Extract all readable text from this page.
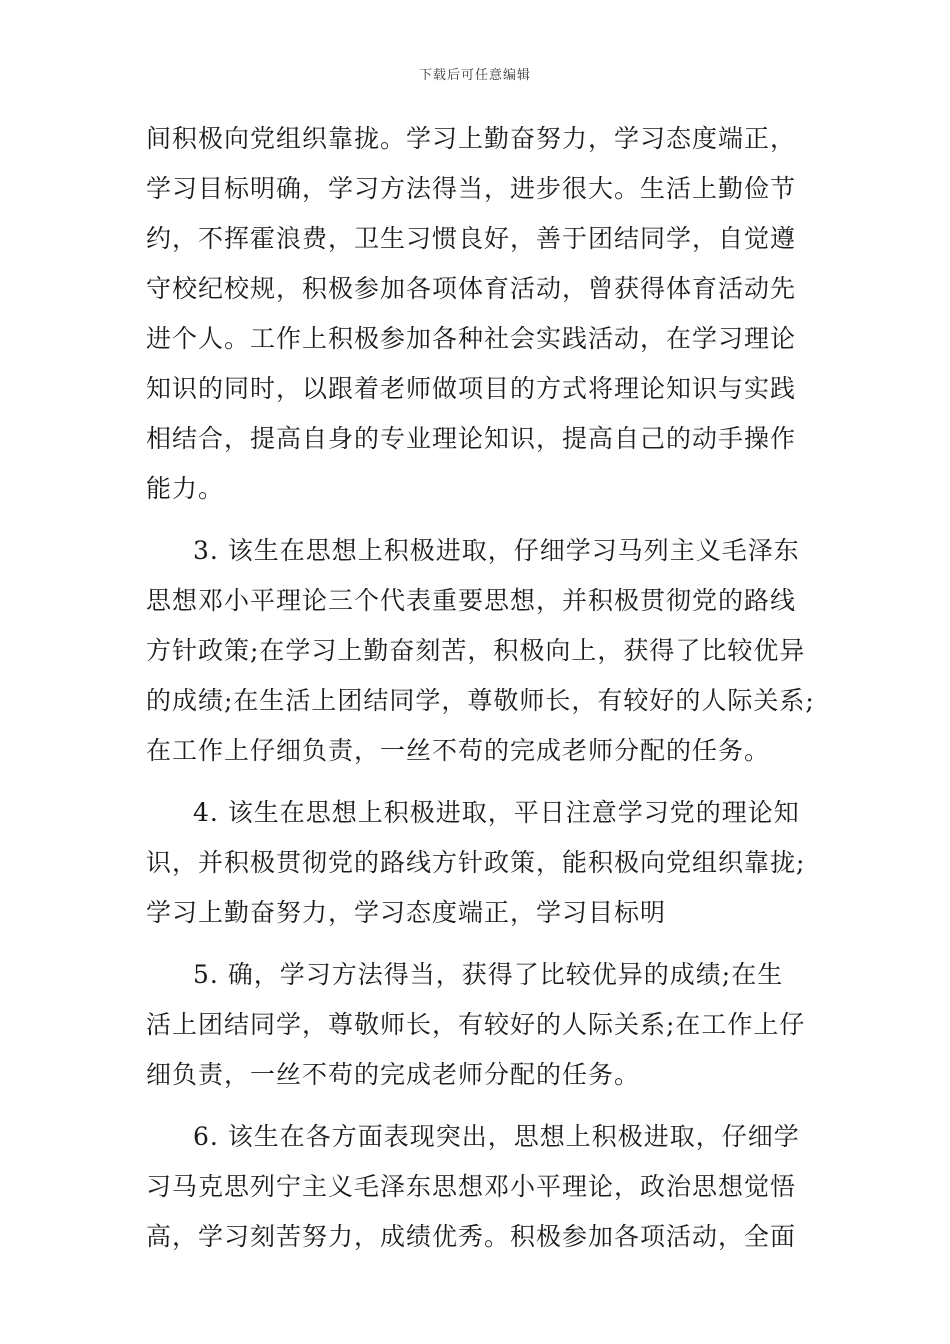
下载后可任意编辑
间积极向党组织靠拢。学习上勤奋努力，学习态度端正，
学习目标明确，学习方法得当，进步很大。生活上勤俭节
约，不挥霍浪费，卫生习惯良好，善于团结同学，自觉遵
守校纪校规，积极参加各项体育活动，曾获得体育活动先
进个人。工作上积极参加各种社会实践活动，在学习理论
知识的同时，以跟着老师做项目的方式将理论知识与实践
相结合，提高自身的专业理论知识，提高自己的动手操作
能力。
3. 该生在思想上积极进取，仔细学习马列主义毛泽东
思想邓小平理论三个代表重要思想，并积极贯彻党的路线
方针政策;在学习上勤奋刻苦，积极向上，获得了比较优异
的成绩;在生活上团结同学，尊敬师长，有较好的人际关系;
在工作上仔细负责，一丝不苟的完成老师分配的任务。
4. 该生在思想上积极进取，平日注意学习党的理论知
识，并积极贯彻党的路线方针政策，能积极向党组织靠拢;
学习上勤奋努力，学习态度端正，学习目标明
5. 确，学习方法得当，获得了比较优异的成绩;在生
活上团结同学，尊敬师长，有较好的人际关系;在工作上仔
细负责，一丝不苟的完成老师分配的任务。
6. 该生在各方面表现突出，思想上积极进取，仔细学
习马克思列宁主义毛泽东思想邓小平理论，政治思想觉悟
高，学习刻苦努力，成绩优秀。积极参加各项活动，全面
